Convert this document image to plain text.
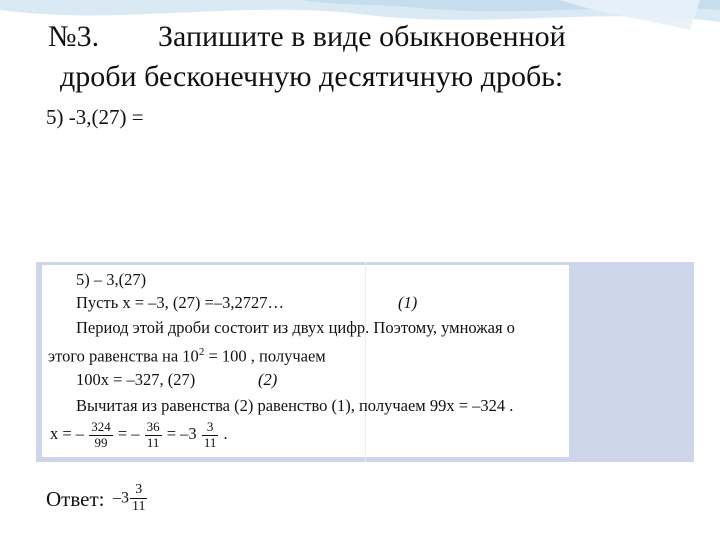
№3. Запишите в виде обыкновенной
дроби бесконечную десятичную дробь:
5) -3,(27) =
5) – 3,(27)
Пусть x = –3, (27) =–3,2727…	(1)
Период этой дроби состоит из двух цифр. Поэтому, умножая о
этого равенства на $10^2 = 100$ , получаем
100x = –327, (27)	(2)
Вычитая из равенства (2) равенство (1), получаем 99x = –324 .
x = – $\frac{324}{99}$ = – $\frac{36}{11} = -3 \frac{3}{11}$ .
Ответ: $-3 \frac{3}{11}$
